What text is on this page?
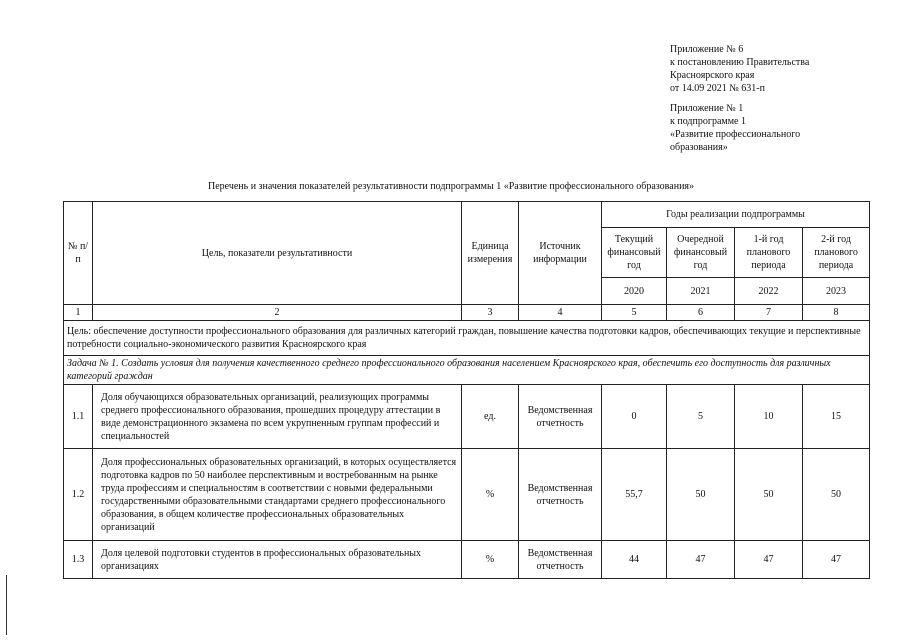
Приложение № 6
к постановлению Правительства
Красноярского края
от 14.09 2021 № 631-п
Приложение № 1
к подпрограмме 1
«Развитие профессионального
образования»
Перечень и значения показателей результативности подпрограммы 1 «Развитие профессионального образования»
№ п/п	Цель, показатели результативности	Единица измерения	Источник информации	Годы реализации подпрограммы			
				Текущий финансовый год	Очередной финансовый год	1-й год планового периода	2-й год планового периода
				2020	2021	2022	2023
1	2	3	4	5	6	7	8
Цель: обеспечение доступности профессионального образования для различных категорий граждан, повышение качества подготовки кадров, обеспечивающих текущие и перспективные потребности социально-экономического развития Красноярского края							
Задача № 1. Создать условия для получения качественного среднего профессионального образования населением Красноярского края, обеспечить его доступность для различных категорий граждан							
1.1	Доля обучающихся образовательных организаций, реализующих программы среднего профессионального образования, прошедших процедуру аттестации в виде демонстрационного экзамена по всем укрупненным группам профессий и специальностей	ед.	Ведомственная отчетность	0	5	10	15
1.2	Доля профессиональных образовательных организаций, в которых осуществляется подготовка кадров по 50 наиболее перспективным и востребованным на рынке труда профессиям и специальностям в соответствии с новыми федеральными государственными образовательными стандартами среднего профессионального образования, в общем количестве профессиональных образовательных организаций	%	Ведомственная отчетность	55,7	50	50	50
1.3	Доля целевой подготовки студентов в профессиональных образовательных организациях	%	Ведомственная отчетность	44	47	47	47
